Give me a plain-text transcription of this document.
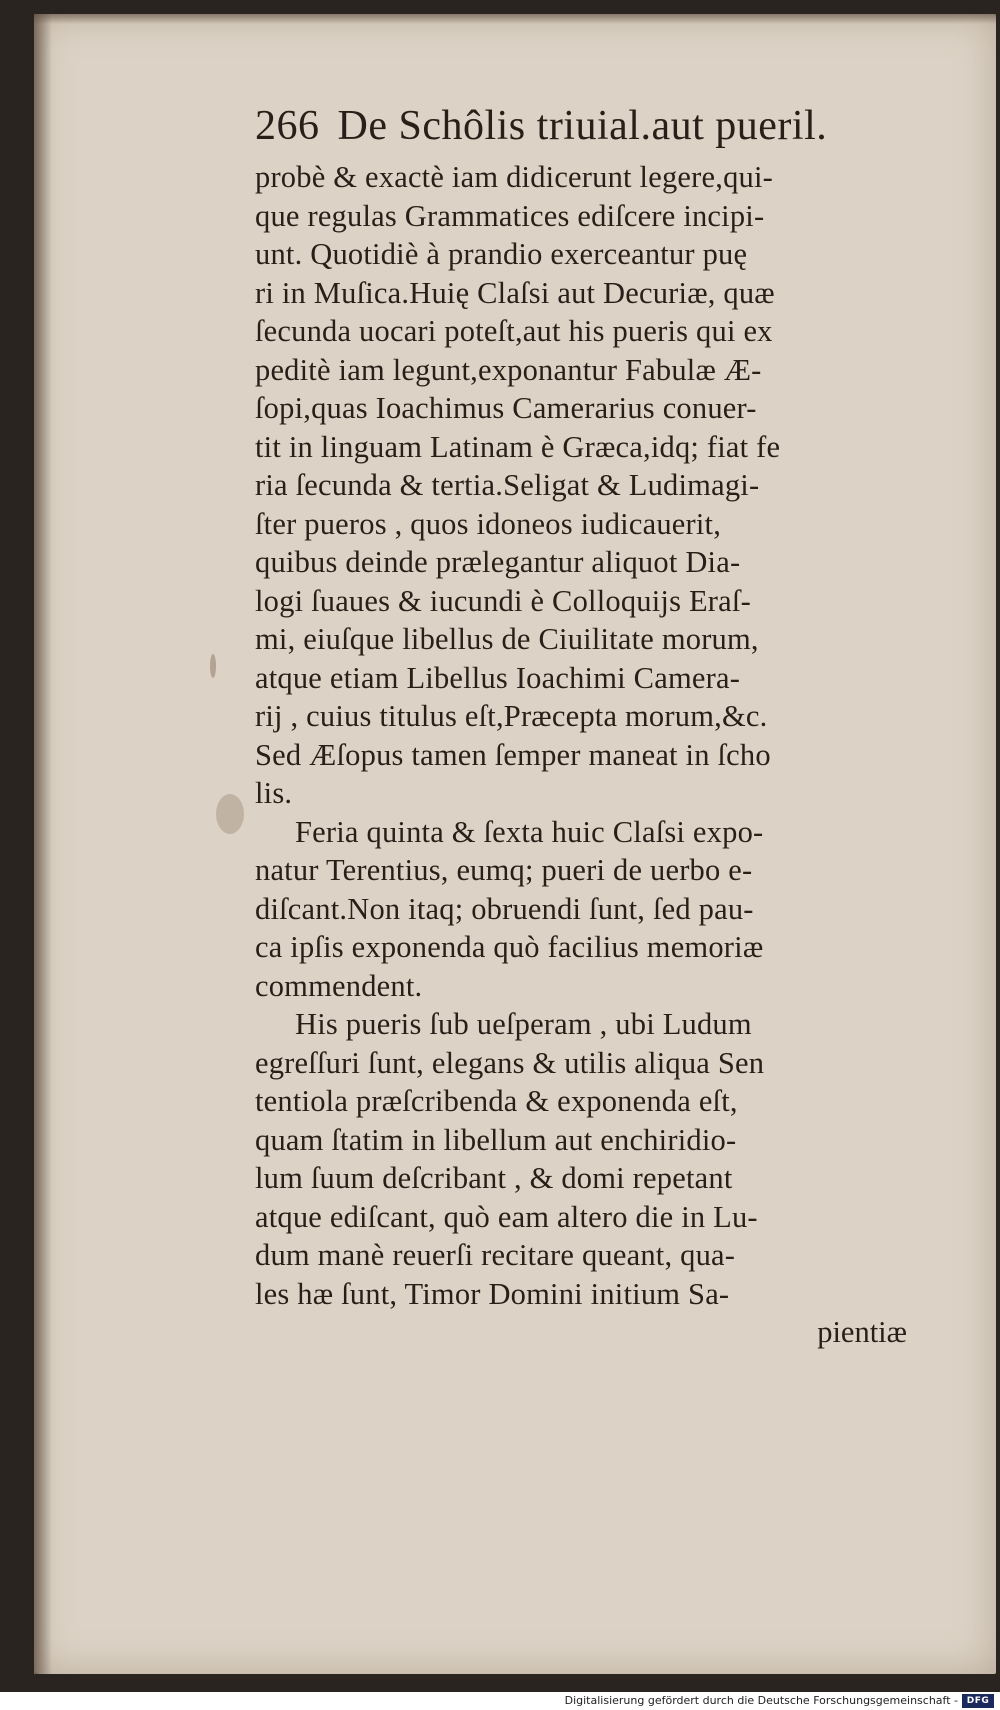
266 De Schôlis triuial.aut pueril.
probè & exactè iam didicerunt legere,qui-
que regulas Grammatices ediſcere incipi-
unt. Quotidiè à prandio exerceantur puę
ri in Muſica.Huię Claſsi aut Decuriæ, quæ
ſecunda uocari poteſt,aut his pueris qui ex
peditè iam legunt,exponantur Fabulæ Æ-
ſopi,quas Ioachimus Camerarius conuer-
tit in linguam Latinam è Græca,idq; fiat fe
ria ſecunda & tertia.Seligat & Ludimagi-
ſter pueros , quos idoneos iudicauerit,
quibus deinde prælegantur aliquot Dia-
logi ſuaues & iucundi è Colloquijs Eraſ-
mi, eiuſque libellus de Ciuilitate morum,
atque etiam Libellus Ioachimi Camera-
rij , cuius titulus eſt,Præcepta morum,&c.
Sed Æſopus tamen ſemper maneat in ſcho
lis.
Feria quinta & ſexta huic Claſsi expo-
natur Terentius, eumq; pueri de uerbo e-
diſcant.Non itaq; obruendi ſunt, ſed pau-
ca ipſis exponenda quò facilius memoriæ
commendent.
His pueris ſub ueſperam , ubi Ludum
egreſſuri ſunt, elegans & utilis aliqua Sen
tentiola præſcribenda & exponenda eſt,
quam ſtatim in libellum aut enchiridio-
lum ſuum deſcribant , & domi repetant
atque ediſcant, quò eam altero die in Lu-
dum manè reuerſi recitare queant, qua-
les hæ ſunt, Timor Domini initium Sa-
pientiæ
Digitalisierung gefördert durch die Deutsche Forschungsgemeinschaft - DFG
